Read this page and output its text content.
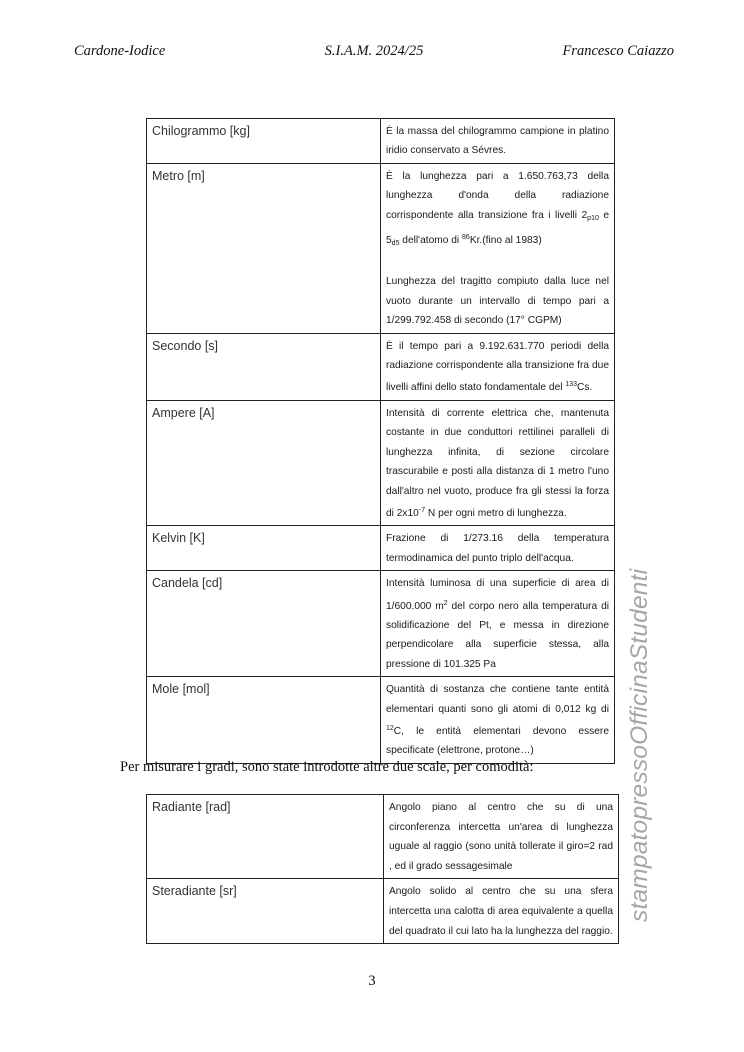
Cardone-Iodice	S.I.A.M. 2024/25	Francesco Caiazzo
Chilogrammo [kg]	È la massa del chilogrammo campione in platino iridio conservato a Sévres.
Metro [m]	È la lunghezza pari a 1.650.763,73 della lunghezza d'onda della radiazione corrispondente alla transizione fra i livelli $2_{p10}$ e $5_{d5}$ dell'atomo di $^{86}$Kr.(fino al 1983)

Lunghezza del tragitto compiuto dalla luce nel vuoto durante un intervallo di tempo pari a 1/299.792.458 di secondo (17° CGPM)

Secondo [s]	È il tempo pari a 9.192.631.770 periodi della radiazione corrispondente alla transizione fra due livelli affini dello stato fondamentale del $^{133}$Cs.
Ampere [A]	Intensità di corrente elettrica che, mantenuta costante in due conduttori rettilinei paralleli di lunghezza infinita, di sezione circolare trascurabile e posti alla distanza di 1 metro l'uno dall'altro nel vuoto, produce fra gli stessi la forza di $2x10^{-7}$ N per ogni metro di lunghezza.
Kelvin [K]	Frazione di 1/273.16 della temperatura termodinamica del punto triplo dell'acqua.
Candela [cd]	Intensità luminosa di una superficie di area di 1/600.000 $m^2$ del corpo nero alla temperatura di solidificazione del Pt, e messa in direzione perpendicolare alla superficie stessa, alla pressione di 101.325 Pa
Mole [mol]	Quantità di sostanza che contiene tante entità elementari quanti sono gli atomi di 0,012 kg di $^{12}$C, le entità elementari devono essere specificate (elettrone, protone…)
Per misurare i gradi, sono state introdotte altre due scale, per comodità:
Radiante [rad]	Angolo piano al centro che su di una circonferenza intercetta un'area di lunghezza uguale al raggio (sono unità tollerate il giro=2 rad , ed il grado sessagesimale
Steradiante [sr]	Angolo solido al centro che su una sfera intercetta una calotta di area equivalente a quella del quadrato il cui lato ha la lunghezza del raggio.
3
stampatopressoOfficinaStudenti
